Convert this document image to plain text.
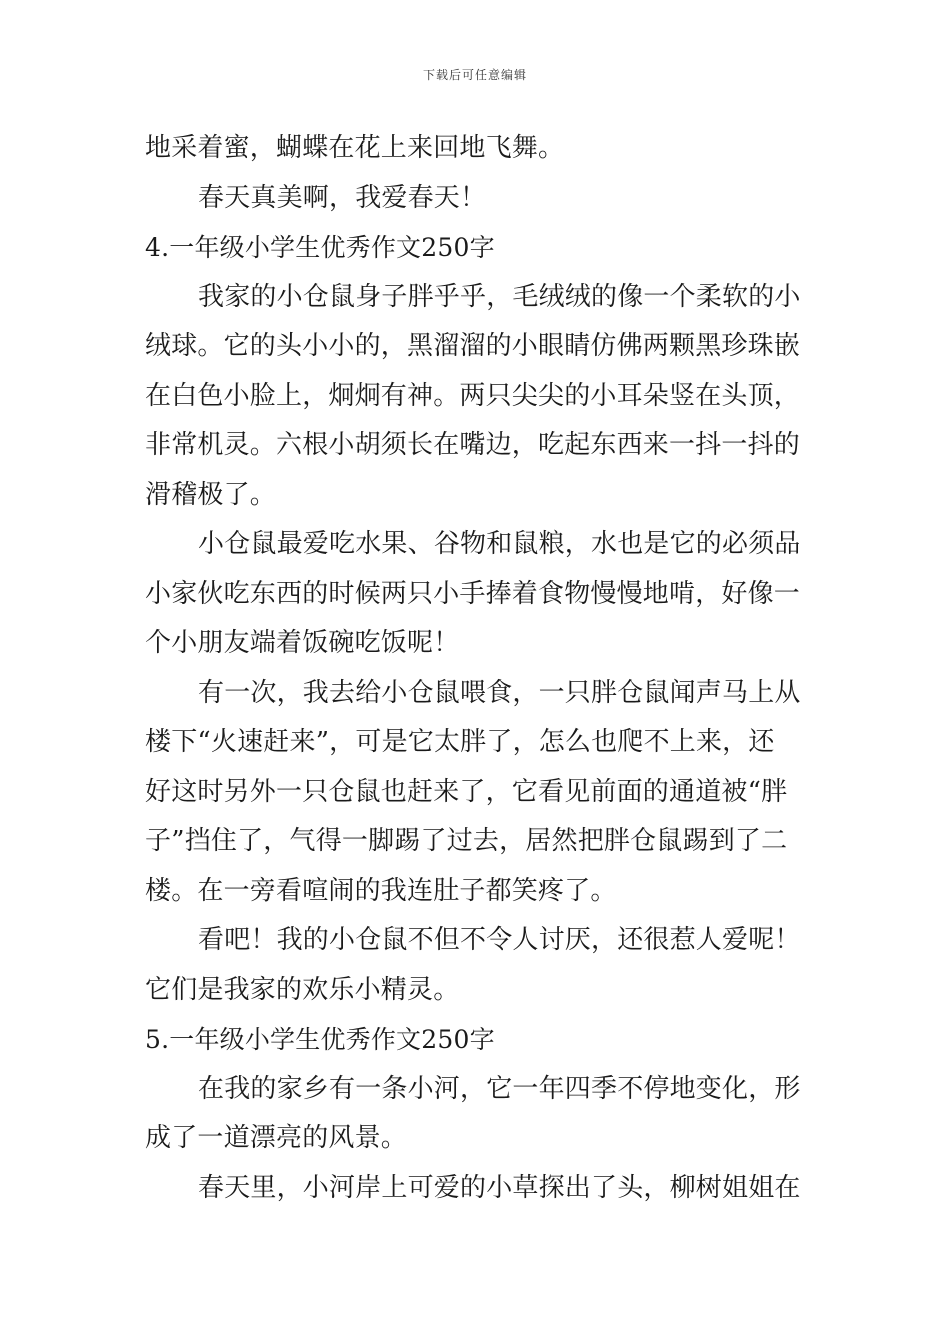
下载后可任意编辑
地采着蜜，蝴蝶在花上来回地飞舞。
春天真美啊，我爱春天！
4.一年级小学生优秀作文250字
我家的小仓鼠身子胖乎乎，毛绒绒的像一个柔软的小
绒球。它的头小小的，黑溜溜的小眼睛仿佛两颗黑珍珠嵌
在白色小脸上，炯炯有神。两只尖尖的小耳朵竖在头顶，
非常机灵。六根小胡须长在嘴边，吃起东西来一抖一抖的
滑稽极了。
小仓鼠最爱吃水果、谷物和鼠粮，水也是它的必须品
小家伙吃东西的时候两只小手捧着食物慢慢地啃，好像一
个小朋友端着饭碗吃饭呢！
有一次，我去给小仓鼠喂食，一只胖仓鼠闻声马上从
楼下“火速赶来”，可是它太胖了，怎么也爬不上来，还
好这时另外一只仓鼠也赶来了，它看见前面的通道被“胖
子”挡住了，气得一脚踢了过去，居然把胖仓鼠踢到了二
楼。在一旁看喧闹的我连肚子都笑疼了。
看吧！我的小仓鼠不但不令人讨厌，还很惹人爱呢！
它们是我家的欢乐小精灵。
5.一年级小学生优秀作文250字
在我的家乡有一条小河，它一年四季不停地变化，形
成了一道漂亮的风景。
春天里，小河岸上可爱的小草探出了头，柳树姐姐在
